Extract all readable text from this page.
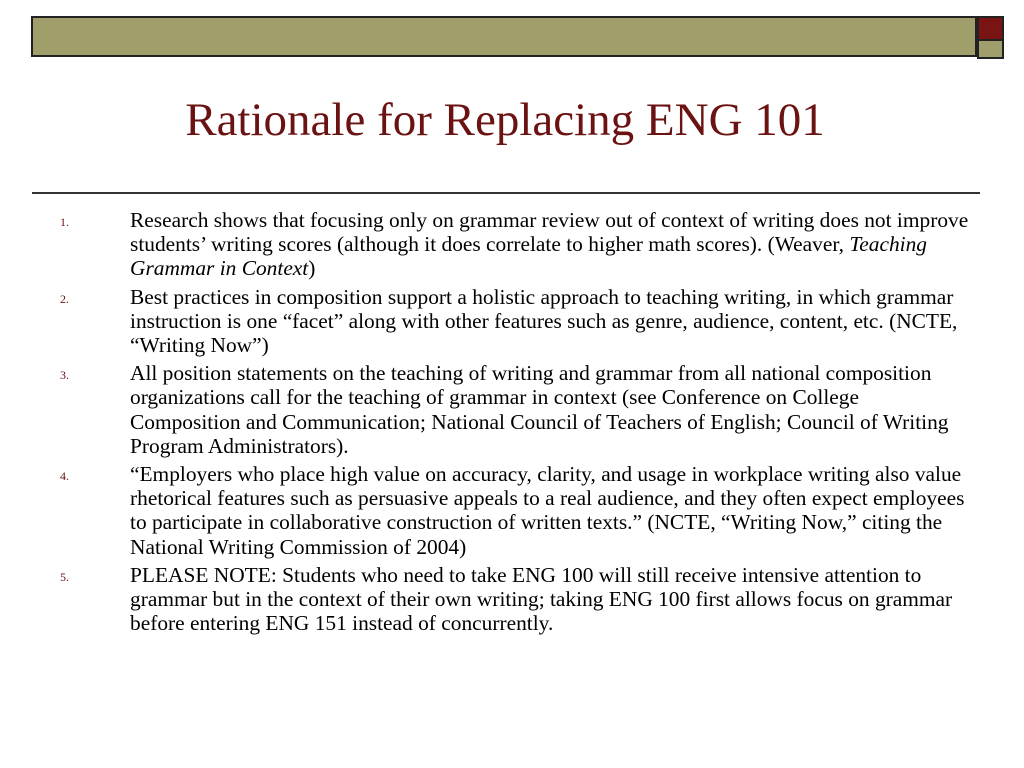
Rationale for Replacing ENG 101
1.	Research shows that focusing only on grammar review out of context of writing does not improve students’ writing scores (although it does correlate to higher math scores). (Weaver, Teaching Grammar in Context)
2.	Best practices in composition support a holistic approach to teaching writing, in which grammar instruction is one “facet” along with other features such as genre, audience, content, etc. (NCTE, “Writing Now”)
3.	All position statements on the teaching of writing and grammar from all national composition organizations call for the teaching of grammar in context (see Conference on College Composition and Communication; National Council of Teachers of English; Council of Writing Program Administrators).
4.	“Employers who place high value on accuracy, clarity, and usage in workplace writing also value rhetorical features such as persuasive appeals to a real audience, and they often expect employees to participate in collaborative construction of written texts.” (NCTE, “Writing Now,” citing the National Writing Commission of 2004)
5.	PLEASE NOTE: Students who need to take ENG 100 will still receive intensive attention to grammar but in the context of their own writing; taking ENG 100 first allows focus on grammar before entering ENG 151 instead of concurrently.
